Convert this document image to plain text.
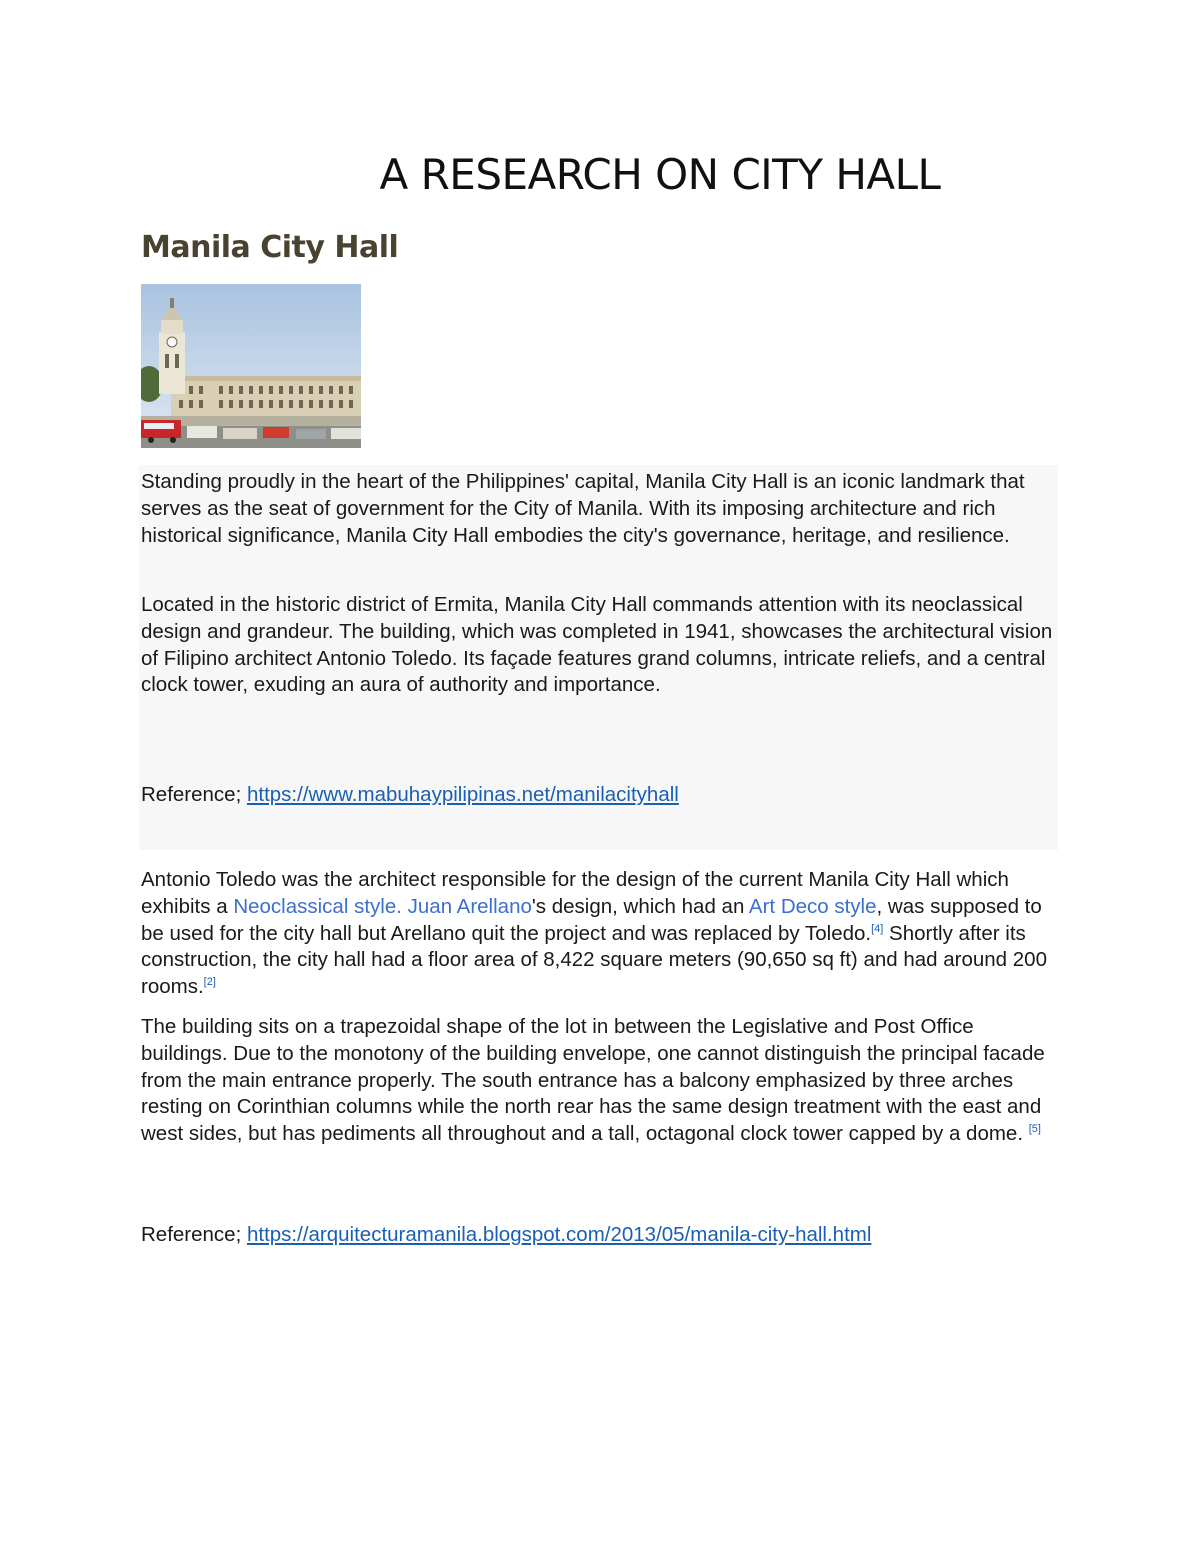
A RESEARCH ON CITY HALL
Manila City Hall

Standing proudly in the heart of the Philippines' capital, Manila City Hall is an iconic landmark that serves as the seat of government for the City of Manila. With its imposing architecture and rich historical significance, Manila City Hall embodies the city's governance, heritage, and resilience.

Located in the historic district of Ermita, Manila City Hall commands attention with its neoclassical design and grandeur. The building, which was completed in 1941, showcases the architectural vision of Filipino architect Antonio Toledo. Its façade features grand columns, intricate reliefs, and a central clock tower, exuding an aura of authority and importance.

Reference; https://www.mabuhaypilipinas.net/manilacityhall

Antonio Toledo was the architect responsible for the design of the current Manila City Hall which exhibits a Neoclassical style. Juan Arellano's design, which had an Art Deco style, was supposed to be used for the city hall but Arellano quit the project and was replaced by Toledo.[4] Shortly after its construction, the city hall had a floor area of 8,422 square meters (90,650 sq ft) and had around 200 rooms.[2]

The building sits on a trapezoidal shape of the lot in between the Legislative and Post Office buildings. Due to the monotony of the building envelope, one cannot distinguish the principal facade from the main entrance properly. The south entrance has a balcony emphasized by three arches resting on Corinthian columns while the north rear has the same design treatment with the east and west sides, but has pediments all throughout and a tall, octagonal clock tower capped by a dome. [5]

Reference; https://arquitecturamanila.blogspot.com/2013/05/manila-city-hall.html
